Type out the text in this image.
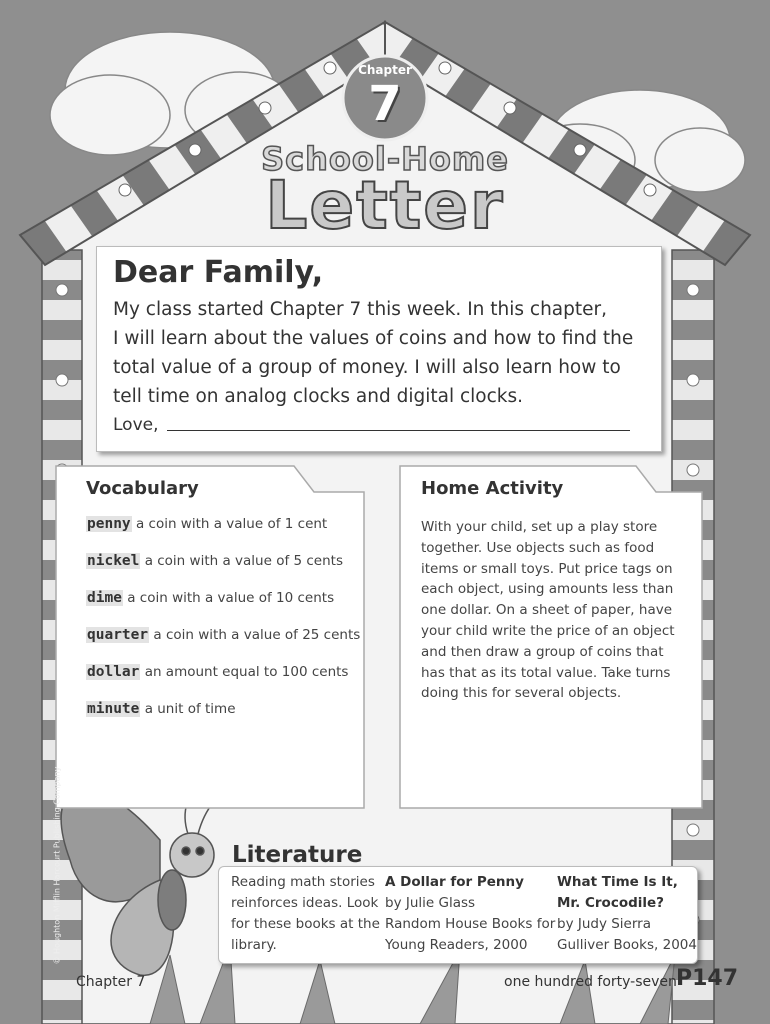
Chapter
7
School-Home
Letter
Dear Family,
My class started Chapter 7 this week. In this chapter,
I will learn about the values of coins and how to find the
total value of a group of money. I will also learn how to
tell time on analog clocks and digital clocks.
Love,
Vocabulary
penny a coin with a value of 1 cent
nickel a coin with a value of 5 cents
dime a coin with a value of 10 cents
quarter a coin with a value of 25 cents
dollar an amount equal to 100 cents
minute a unit of time
Home Activity
With your child, set up a play store
together. Use objects such as food
items or small toys. Put price tags on
each object, using amounts less than
one dollar. On a sheet of paper, have
your child write the price of an object
and then draw a group of coins that
has that as its total value. Take turns
doing this for several objects.
Reading math stories
reinforces ideas. Look
for these books at the
library.
A Dollar for Penny
by Julie Glass
Random House Books for
Young Readers, 2000
What Time Is It,
Mr. Crocodile?
by Judy Sierra
Gulliver Books, 2004
Literature
© Houghton Mifflin Harcourt Publishing Company
Chapter 7	one hundred forty-seven P147
